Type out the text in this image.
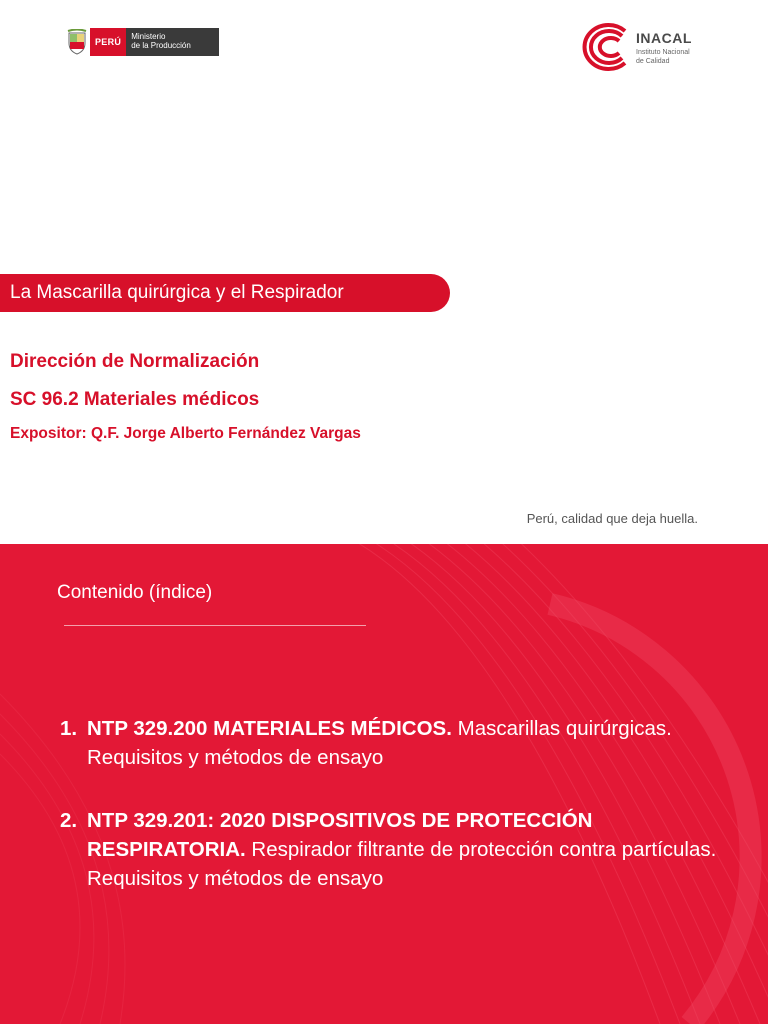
PERÚ
Ministerio
de la Producción	INACAL
Instituto Nacional
de Calidad
La Mascarilla quirúrgica y el Respirador
Dirección de Normalización
SC 96.2 Materiales médicos
Expositor: Q.F. Jorge Alberto Fernández Vargas
Perú, calidad que deja huella.
Contenido (índice)
1. NTP 329.200 MATERIALES MÉDICOS. Mascarillas quirúrgicas. Requisitos y métodos de ensayo
2. NTP 329.201: 2020 DISPOSITIVOS DE PROTECCIÓN RESPIRATORIA. Respirador filtrante de protección contra partículas. Requisitos y métodos de ensayo
